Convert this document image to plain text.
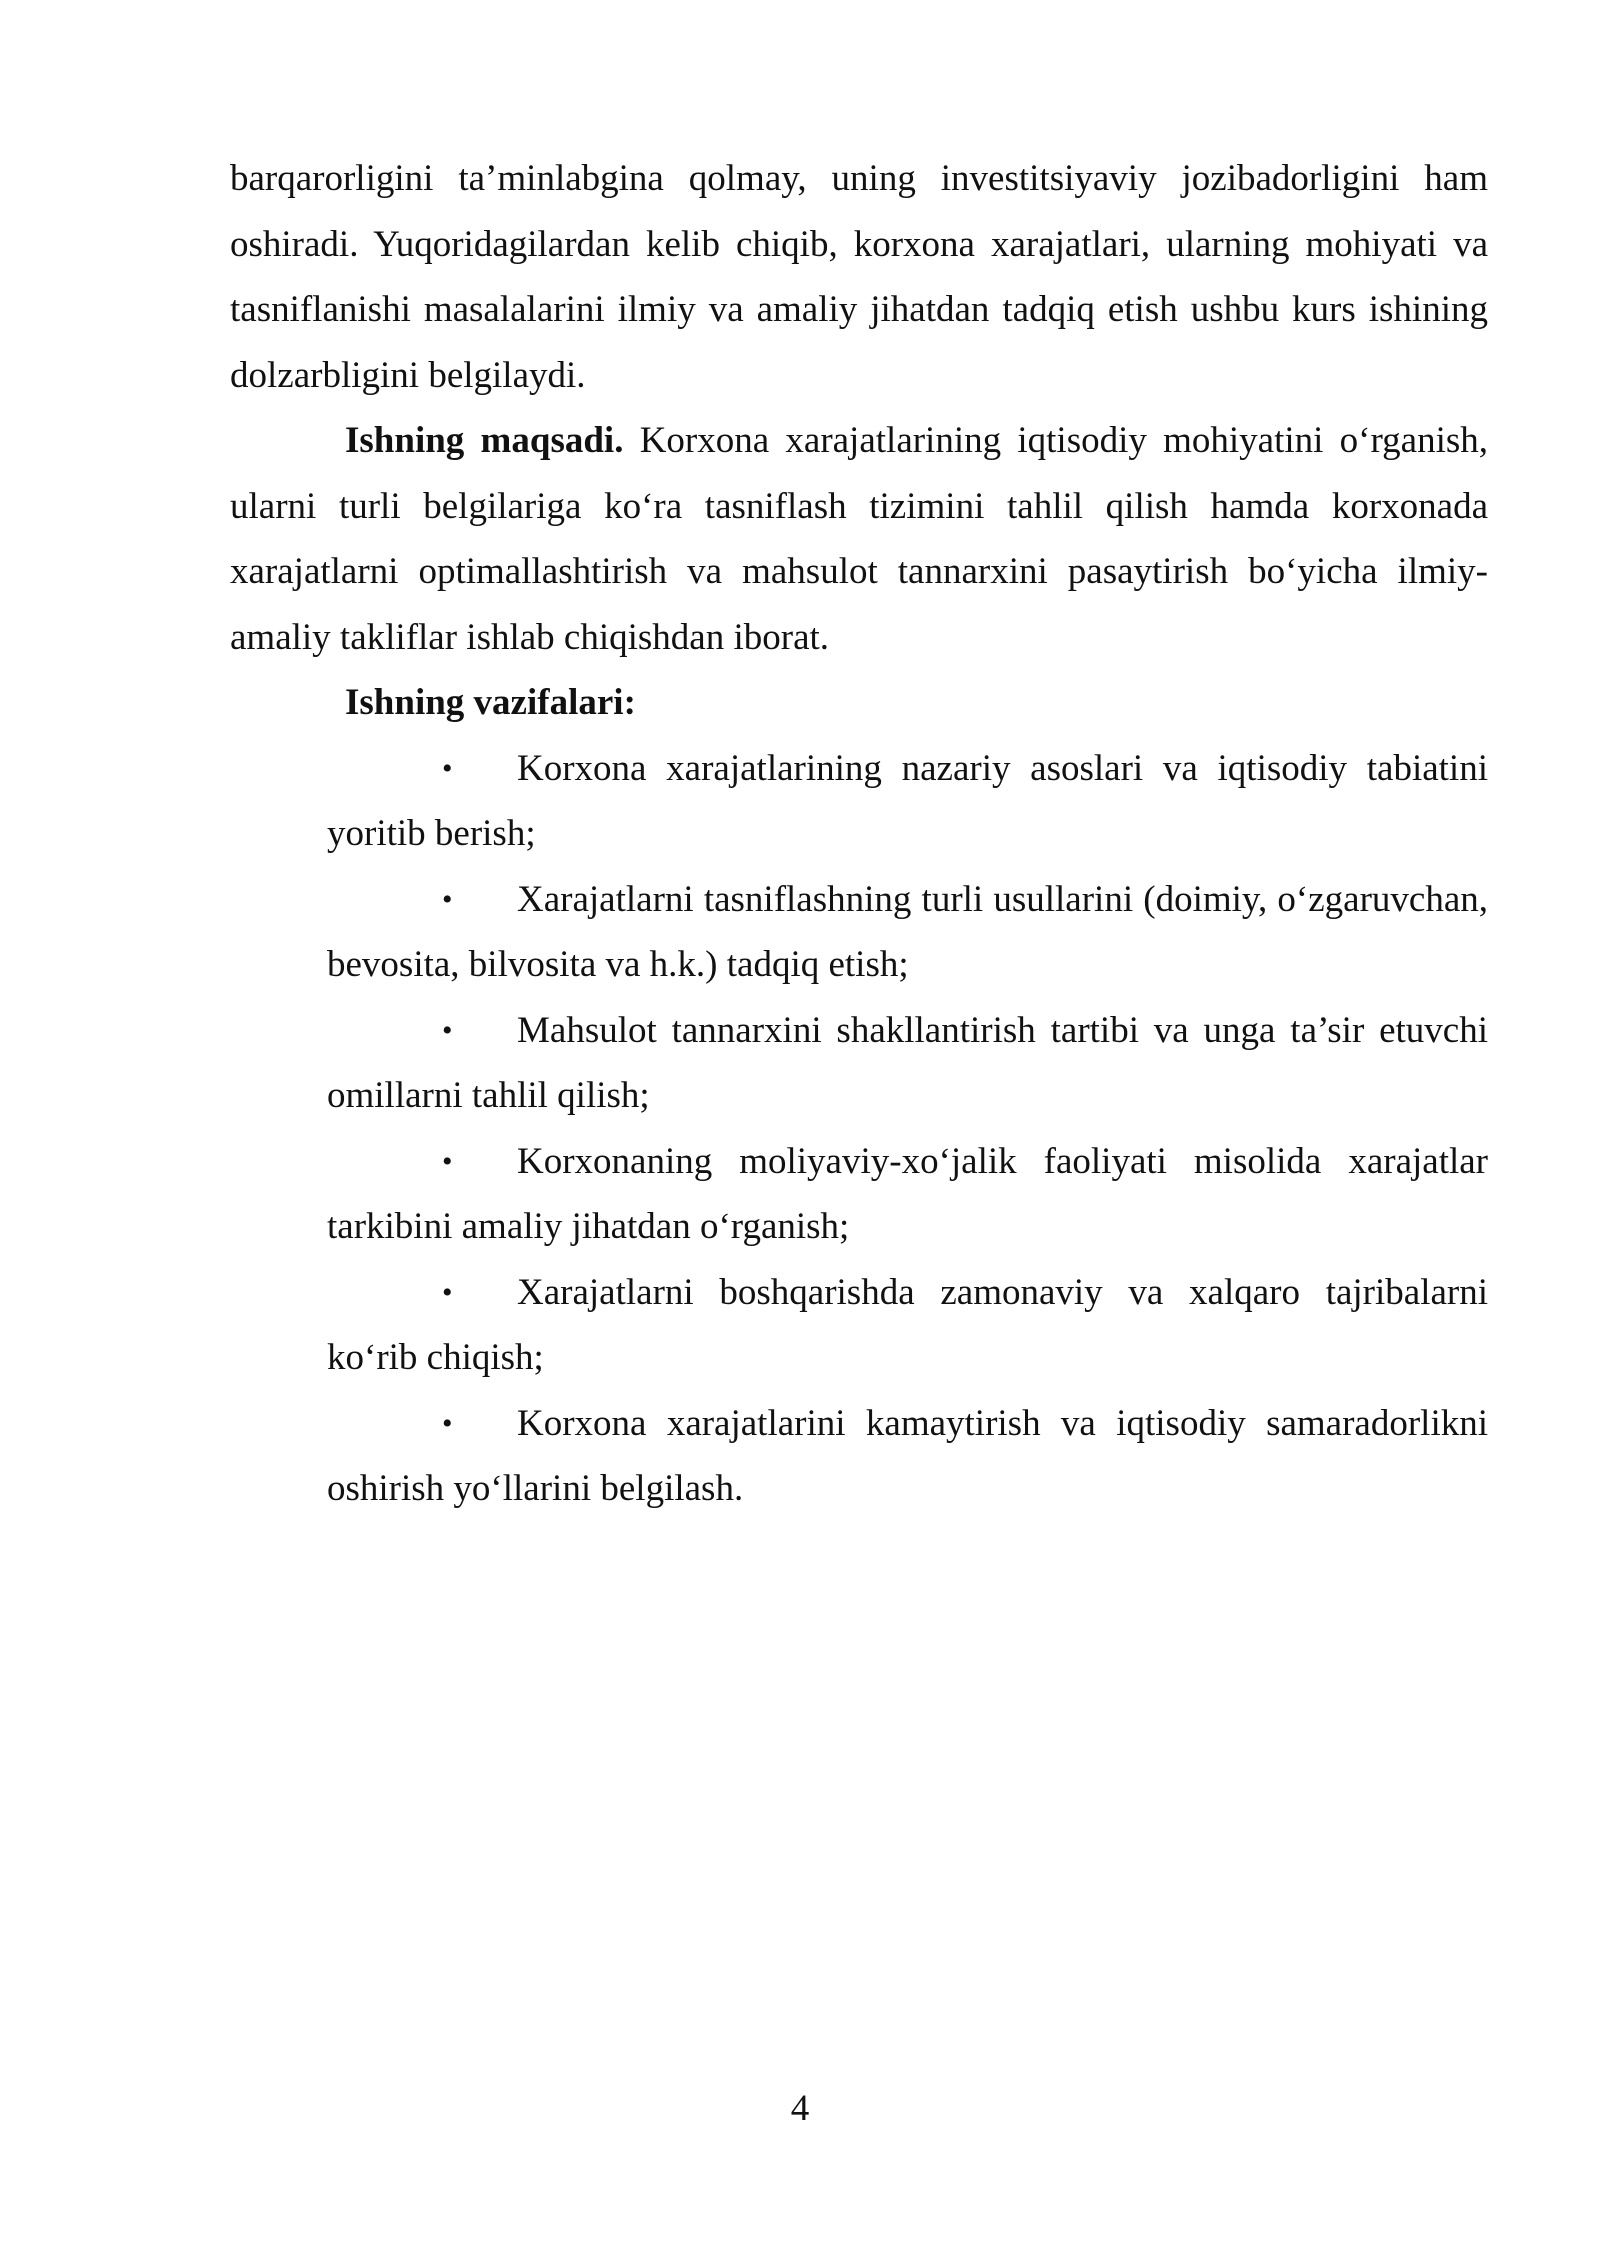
barqarorligini ta’minlabgina qolmay, uning investitsiyaviy jozibadorligini ham oshiradi. Yuqoridagilardan kelib chiqib, korxona xarajatlari, ularning mohiyati va tasniflanishi masalalarini ilmiy va amaliy jihatdan tadqiq etish ushbu kurs ishining dolzarbligini belgilaydi.

Ishning maqsadi. Korxona xarajatlarining iqtisodiy mohiyatini o‘rganish, ularni turli belgilariga ko‘ra tasniflash tizimini tahlil qilish hamda korxonada xarajatlarni optimallashtirish va mahsulot tannarxini pasaytirish bo‘yicha ilmiy-amaliy takliflar ishlab chiqishdan iborat.

Ishning vazifalari:

• Korxona xarajatlarining nazariy asoslari va iqtisodiy tabiatini yoritib berish;
• Xarajatlarni tasniflashning turli usullarini (doimiy, o‘zgaruvchan, bevosita, bilvosita va h.k.) tadqiq etish;
• Mahsulot tannarxini shakllantirish tartibi va unga ta’sir etuvchi omillarni tahlil qilish;
• Korxonaning moliyaviy-xo‘jalik faoliyati misolida xarajatlar tarkibini amaliy jihatdan o‘rganish;
• Xarajatlarni boshqarishda zamonaviy va xalqaro tajribalarni ko‘rib chiqish;
• Korxona xarajatlarini kamaytirish va iqtisodiy samaradorlikni oshirish yo‘llarini belgilash.
4
